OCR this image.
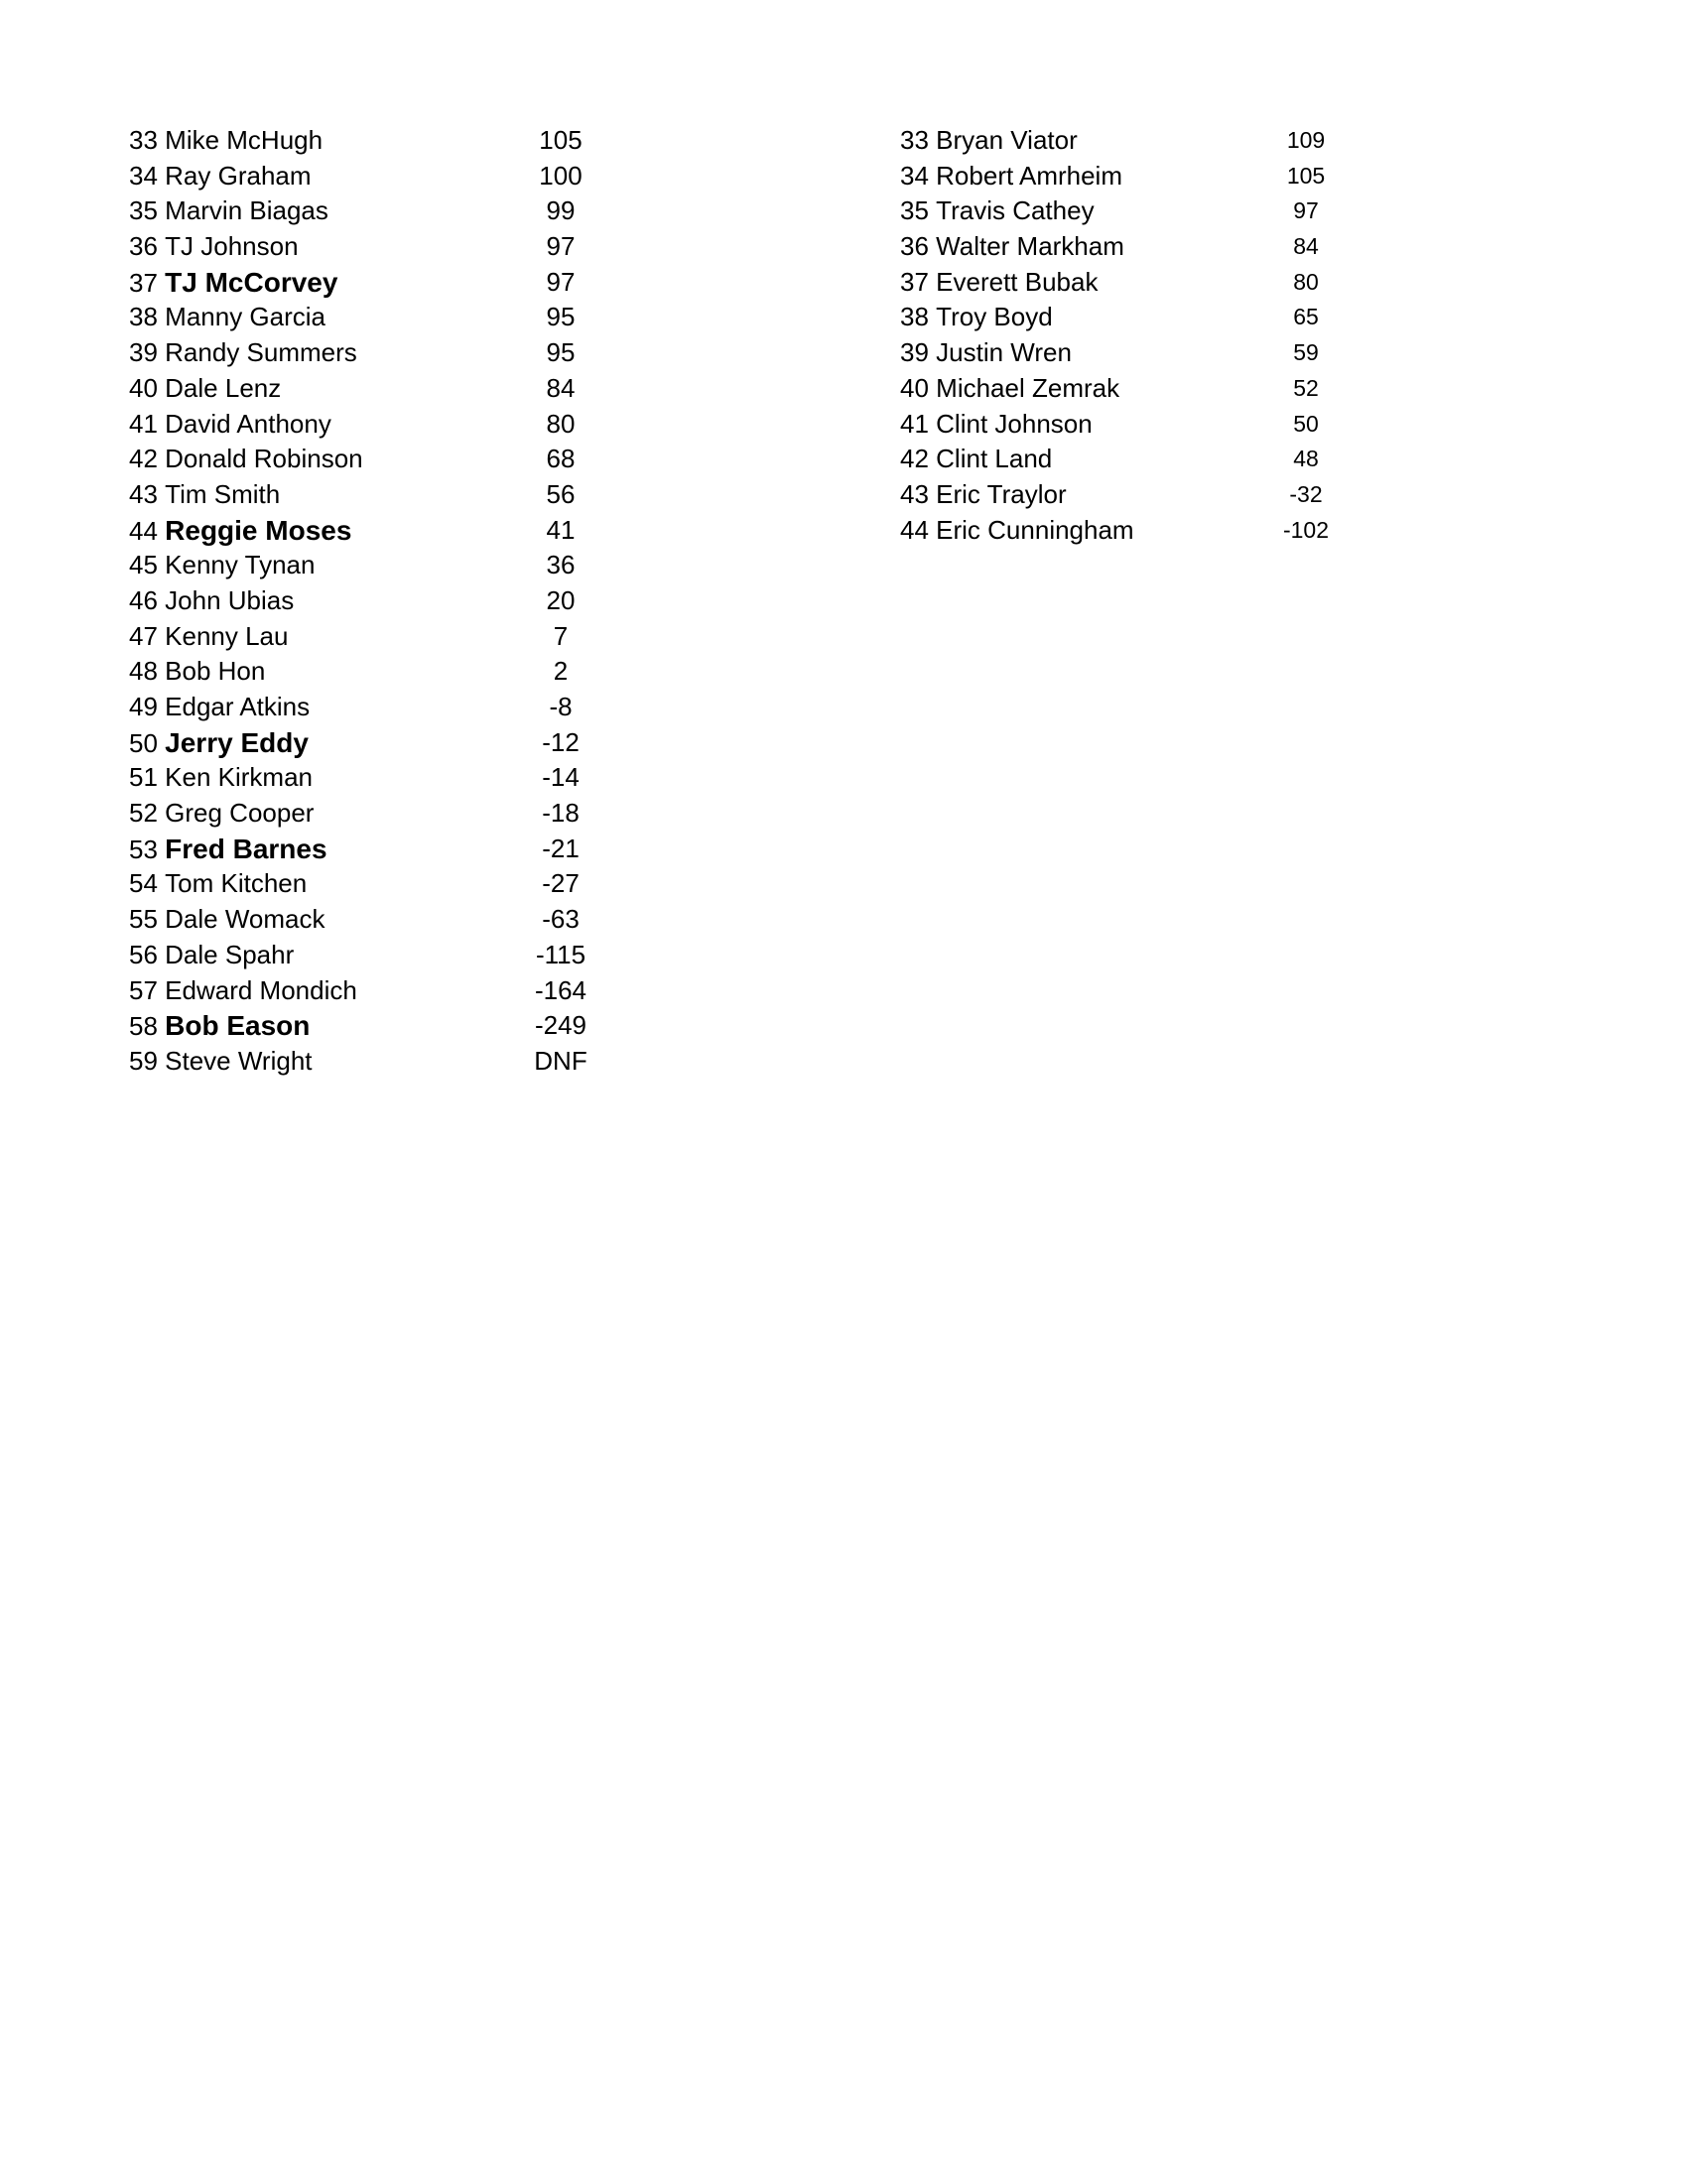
33 Mike McHugh	105
34 Ray Graham	100
35 Marvin Biagas	99
36 TJ Johnson	97
37 TJ McCorvey	97
38 Manny Garcia	95
39 Randy Summers	95
40 Dale Lenz	84
41 David Anthony	80
42 Donald Robinson	68
43 Tim Smith	56
44 Reggie Moses	41
45 Kenny Tynan	36
46 John Ubias	20
47 Kenny Lau	7
48 Bob Hon	2
49 Edgar Atkins	-8
50 Jerry Eddy	-12
51 Ken Kirkman	-14
52 Greg Cooper	-18
53 Fred Barnes	-21
54 Tom Kitchen	-27
55 Dale Womack	-63
56 Dale Spahr	-115
57 Edward Mondich	-164
58 Bob Eason	-249
59 Steve Wright	DNF
33 Bryan Viator	109
34 Robert Amrheim	105
35 Travis Cathey	97
36 Walter Markham	84
37 Everett Bubak	80
38 Troy Boyd	65
39 Justin Wren	59
40 Michael Zemrak	52
41 Clint Johnson	50
42 Clint Land	48
43 Eric Traylor	-32
44 Eric Cunningham	-102
